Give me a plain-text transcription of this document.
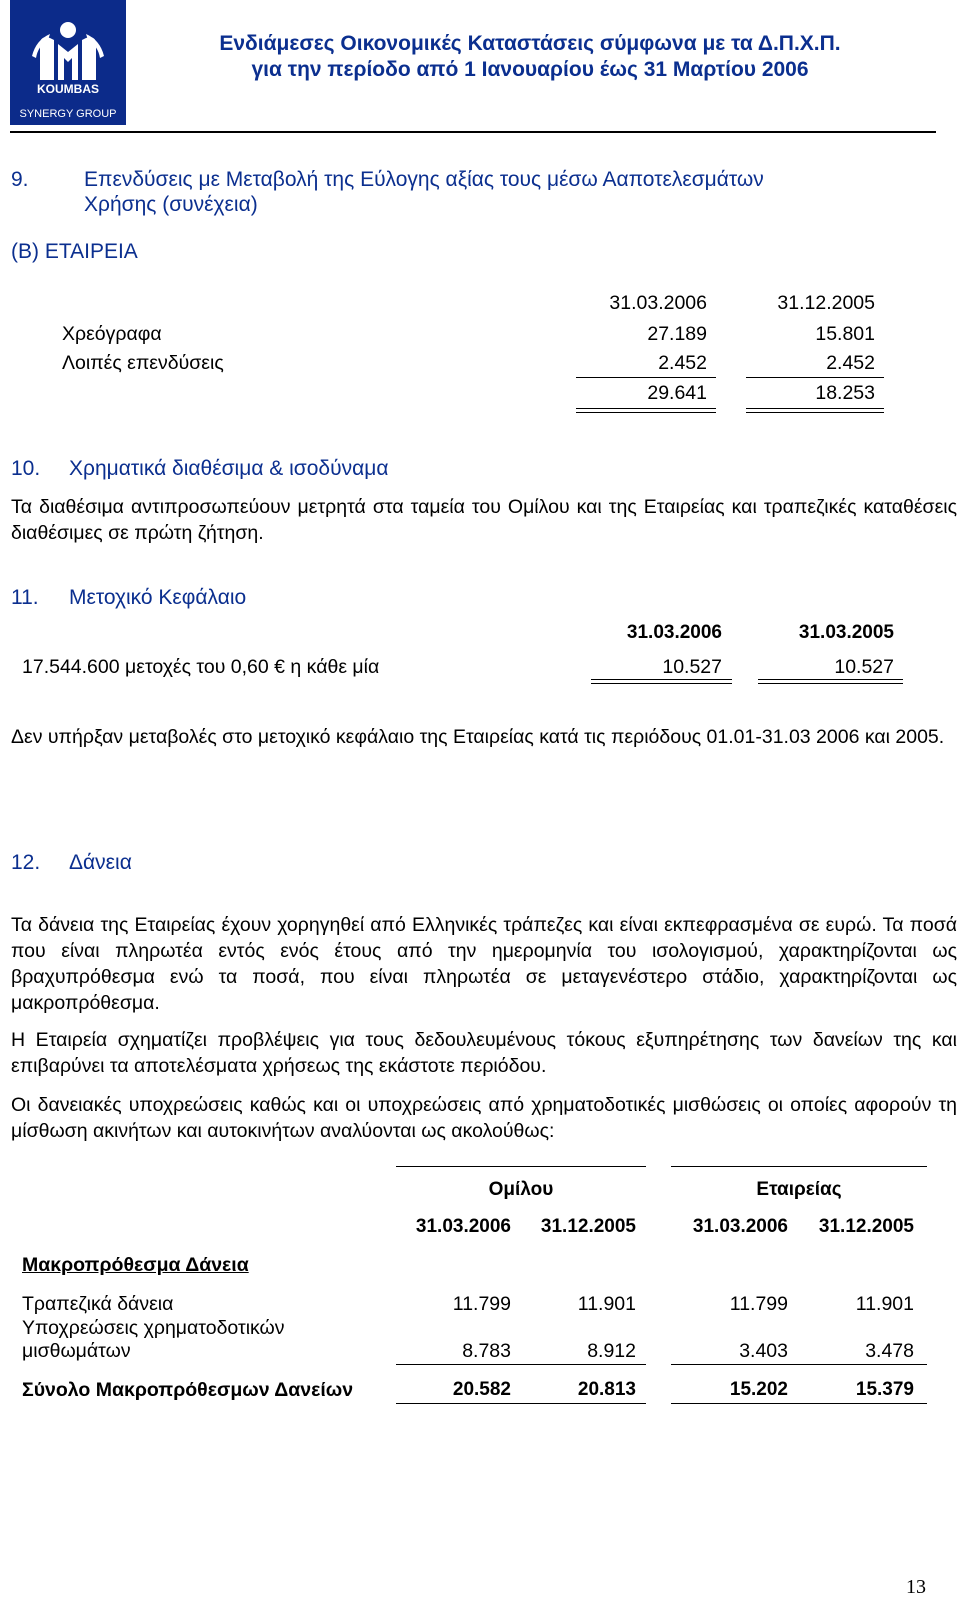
KOUMBAS
SYNERGY GROUP
Ενδιάμεσες Οικονομικές Καταστάσεις σύμφωνα με τα Δ.Π.Χ.Π.
για την περίοδο από 1 Ιανουαρίου έως 31 Μαρτίου 2006
9.	Επενδύσεις με Μεταβολή της Εύλογης αξίας τους μέσω Ααποτελεσμάτων
Χρήσης (συνέχεια)
(Β) ΕΤΑΙΡΕΙΑ
31.03.2006	31.12.2005
Χρεόγραφα	27.189	15.801
Λοιπές επενδύσεις	2.452	2.452
29.641	18.253
10. Χρηματικά διαθέσιμα & ισοδύναμα
Τα διαθέσιμα αντιπροσωπεύουν μετρητά στα ταμεία του Ομίλου και της Εταιρείας και τραπεζικές καταθέσεις διαθέσιμες σε πρώτη ζήτηση.
11. Μετοχικό Κεφάλαιο
31.03.2006	31.03.2005
17.544.600 μετοχές του 0,60 € η κάθε μία	10.527	10.527
Δεν υπήρξαν μεταβολές στο μετοχικό κεφάλαιο της Εταιρείας κατά τις περιόδους 01.01-31.03 2006 και 2005.
12. Δάνεια
Τα δάνεια της Εταιρείας έχουν χορηγηθεί από Ελληνικές τράπεζες και είναι εκπεφρασμένα σε ευρώ. Τα ποσά που είναι πληρωτέα εντός ενός έτους από την ημερομηνία του ισολογισμού, χαρακτηρίζονται ως βραχυπρόθεσμα ενώ τα ποσά, που είναι πληρωτέα σε μεταγενέστερο στάδιο, χαρακτηρίζονται ως μακροπρόθεσμα.
Η Εταιρεία σχηματίζει προβλέψεις για τους δεδουλευμένους τόκους εξυπηρέτησης των δανείων της και επιβαρύνει τα αποτελέσματα χρήσεως της εκάστοτε περιόδου.
Οι δανειακές υποχρεώσεις καθώς και οι υποχρεώσεις από χρηματοδοτικές μισθώσεις οι οποίες αφορούν τη μίσθωση ακινήτων και αυτοκινήτων αναλύονται ως ακολούθως:
Ομίλου	Εταιρείας
31.03.2006	31.12.2005	31.03.2006	31.12.2005
Μακροπρόθεσμα Δάνεια
Τραπεζικά δάνεια	11.799	11.901	11.799	11.901
Υποχρεώσεις χρηματοδοτικών
μισθωμάτων	8.783	8.912	3.403	3.478
Σύνολο Μακροπρόθεσμων Δανείων	20.582	20.813	15.202	15.379
13
